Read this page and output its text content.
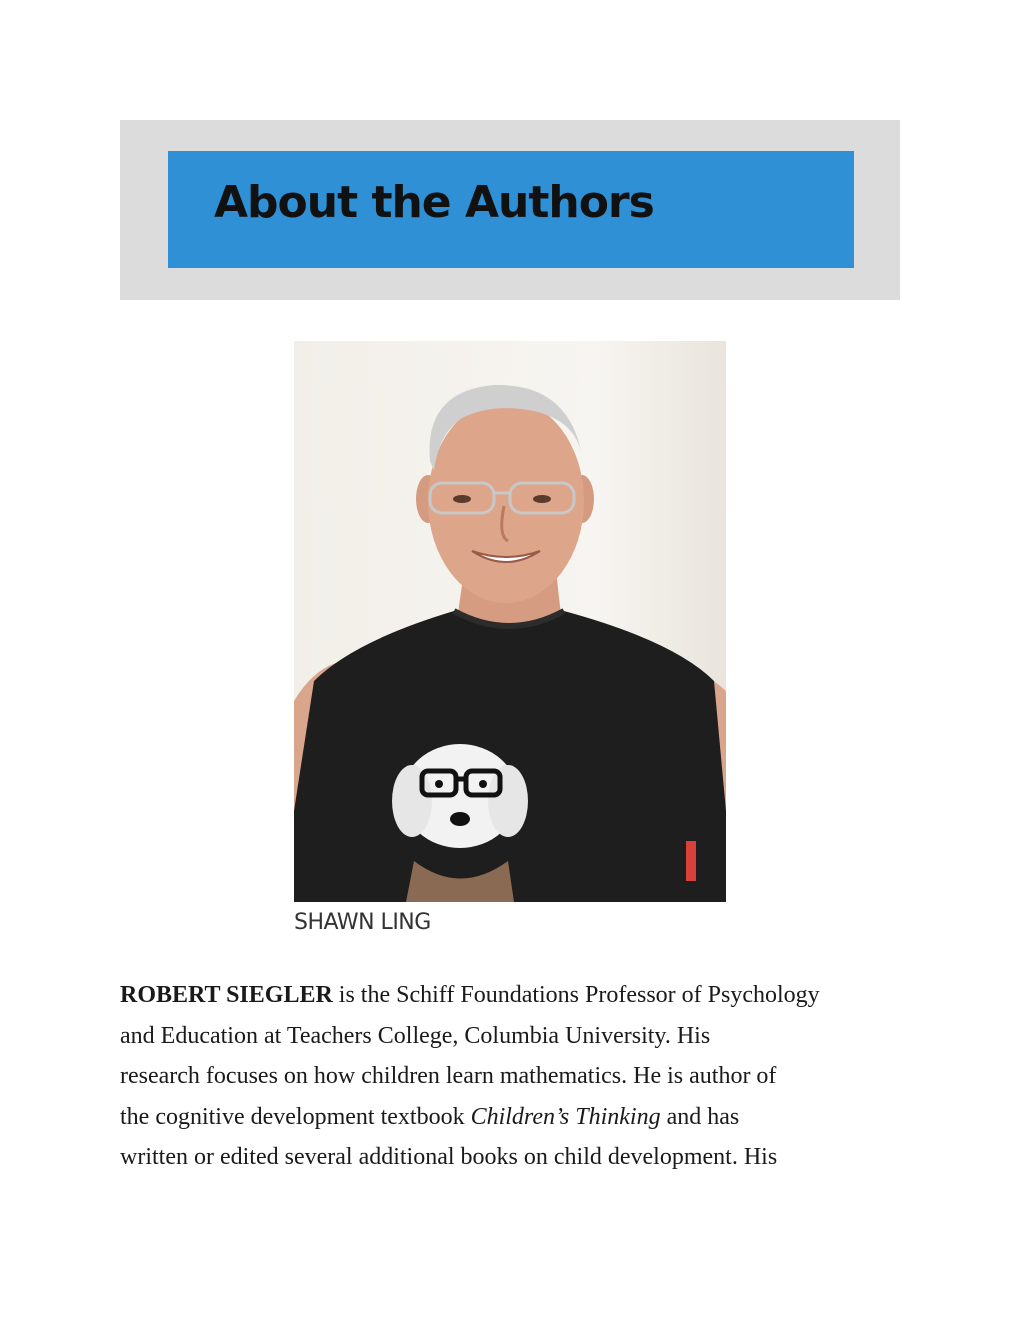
About the Authors
SHAWN LING
ROBERT SIEGLER is the Schiff Foundations Professor of Psychology
and Education at Teachers College, Columbia University. His
research focuses on how children learn mathematics. He is author of
the cognitive development textbook Children’s Thinking and has
written or edited several additional books on child development. His
